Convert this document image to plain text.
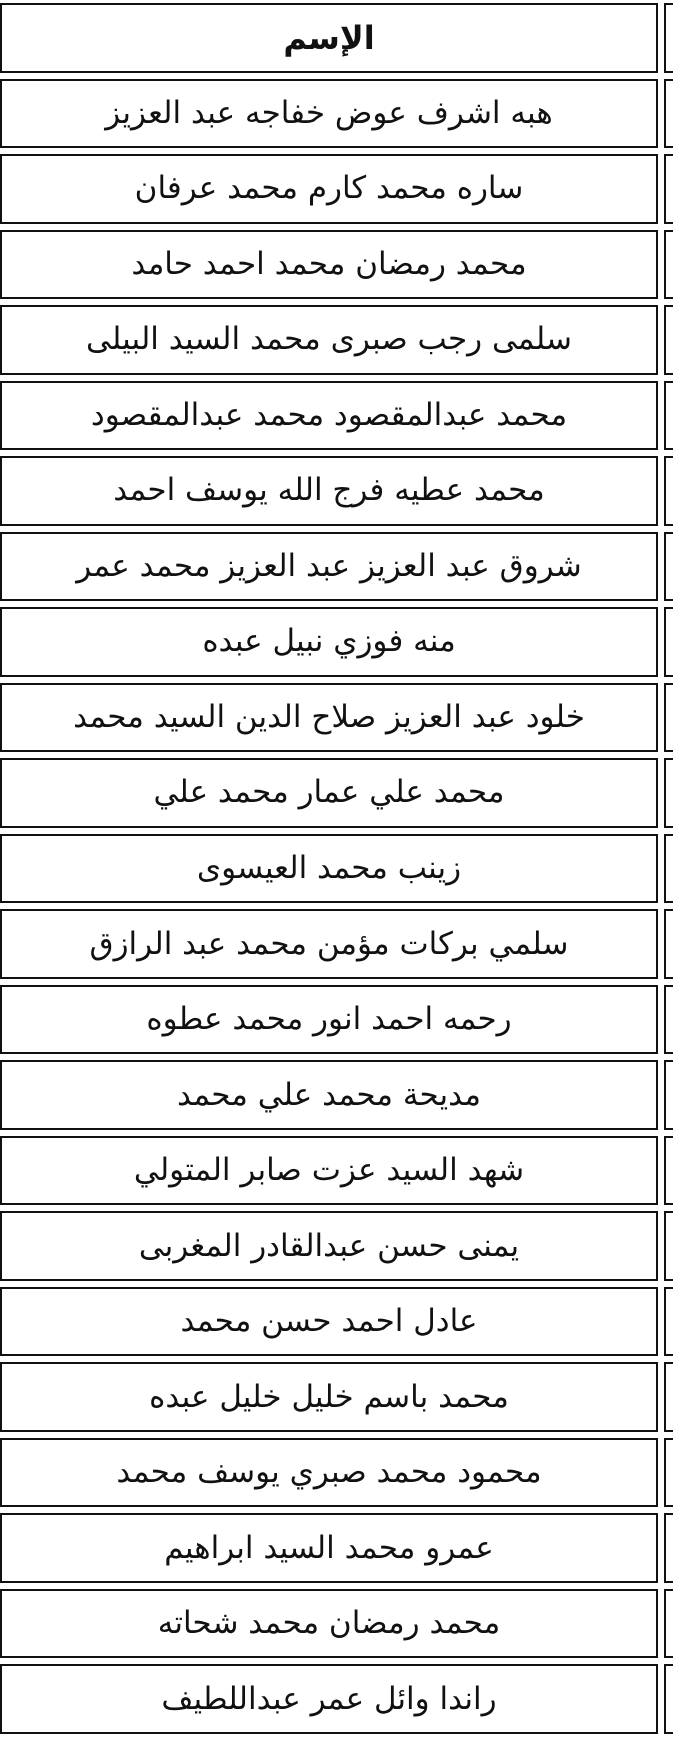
الإسم
هبه اشرف عوض خفاجه عبد العزيز
ساره محمد كارم محمد عرفان
محمد رمضان محمد احمد حامد
سلمى رجب صبرى محمد السيد البيلى
محمد عبدالمقصود محمد عبدالمقصود
محمد عطيه فرج الله يوسف احمد
شروق عبد العزيز عبد العزيز محمد عمر
منه فوزي نبيل عبده
خلود عبد العزيز صلاح الدين السيد محمد
محمد علي عمار محمد علي
زينب محمد العيسوى
سلمي بركات مؤمن محمد عبد الرازق
رحمه احمد انور محمد عطوه
مديحة محمد علي محمد
شهد السيد عزت صابر المتولي
يمنى حسن عبدالقادر المغربى
عادل احمد حسن محمد
محمد باسم خليل خليل عبده
محمود محمد صبري يوسف محمد
عمرو محمد السيد ابراهيم
محمد رمضان محمد شحاته
راندا وائل عمر عبداللطيف
